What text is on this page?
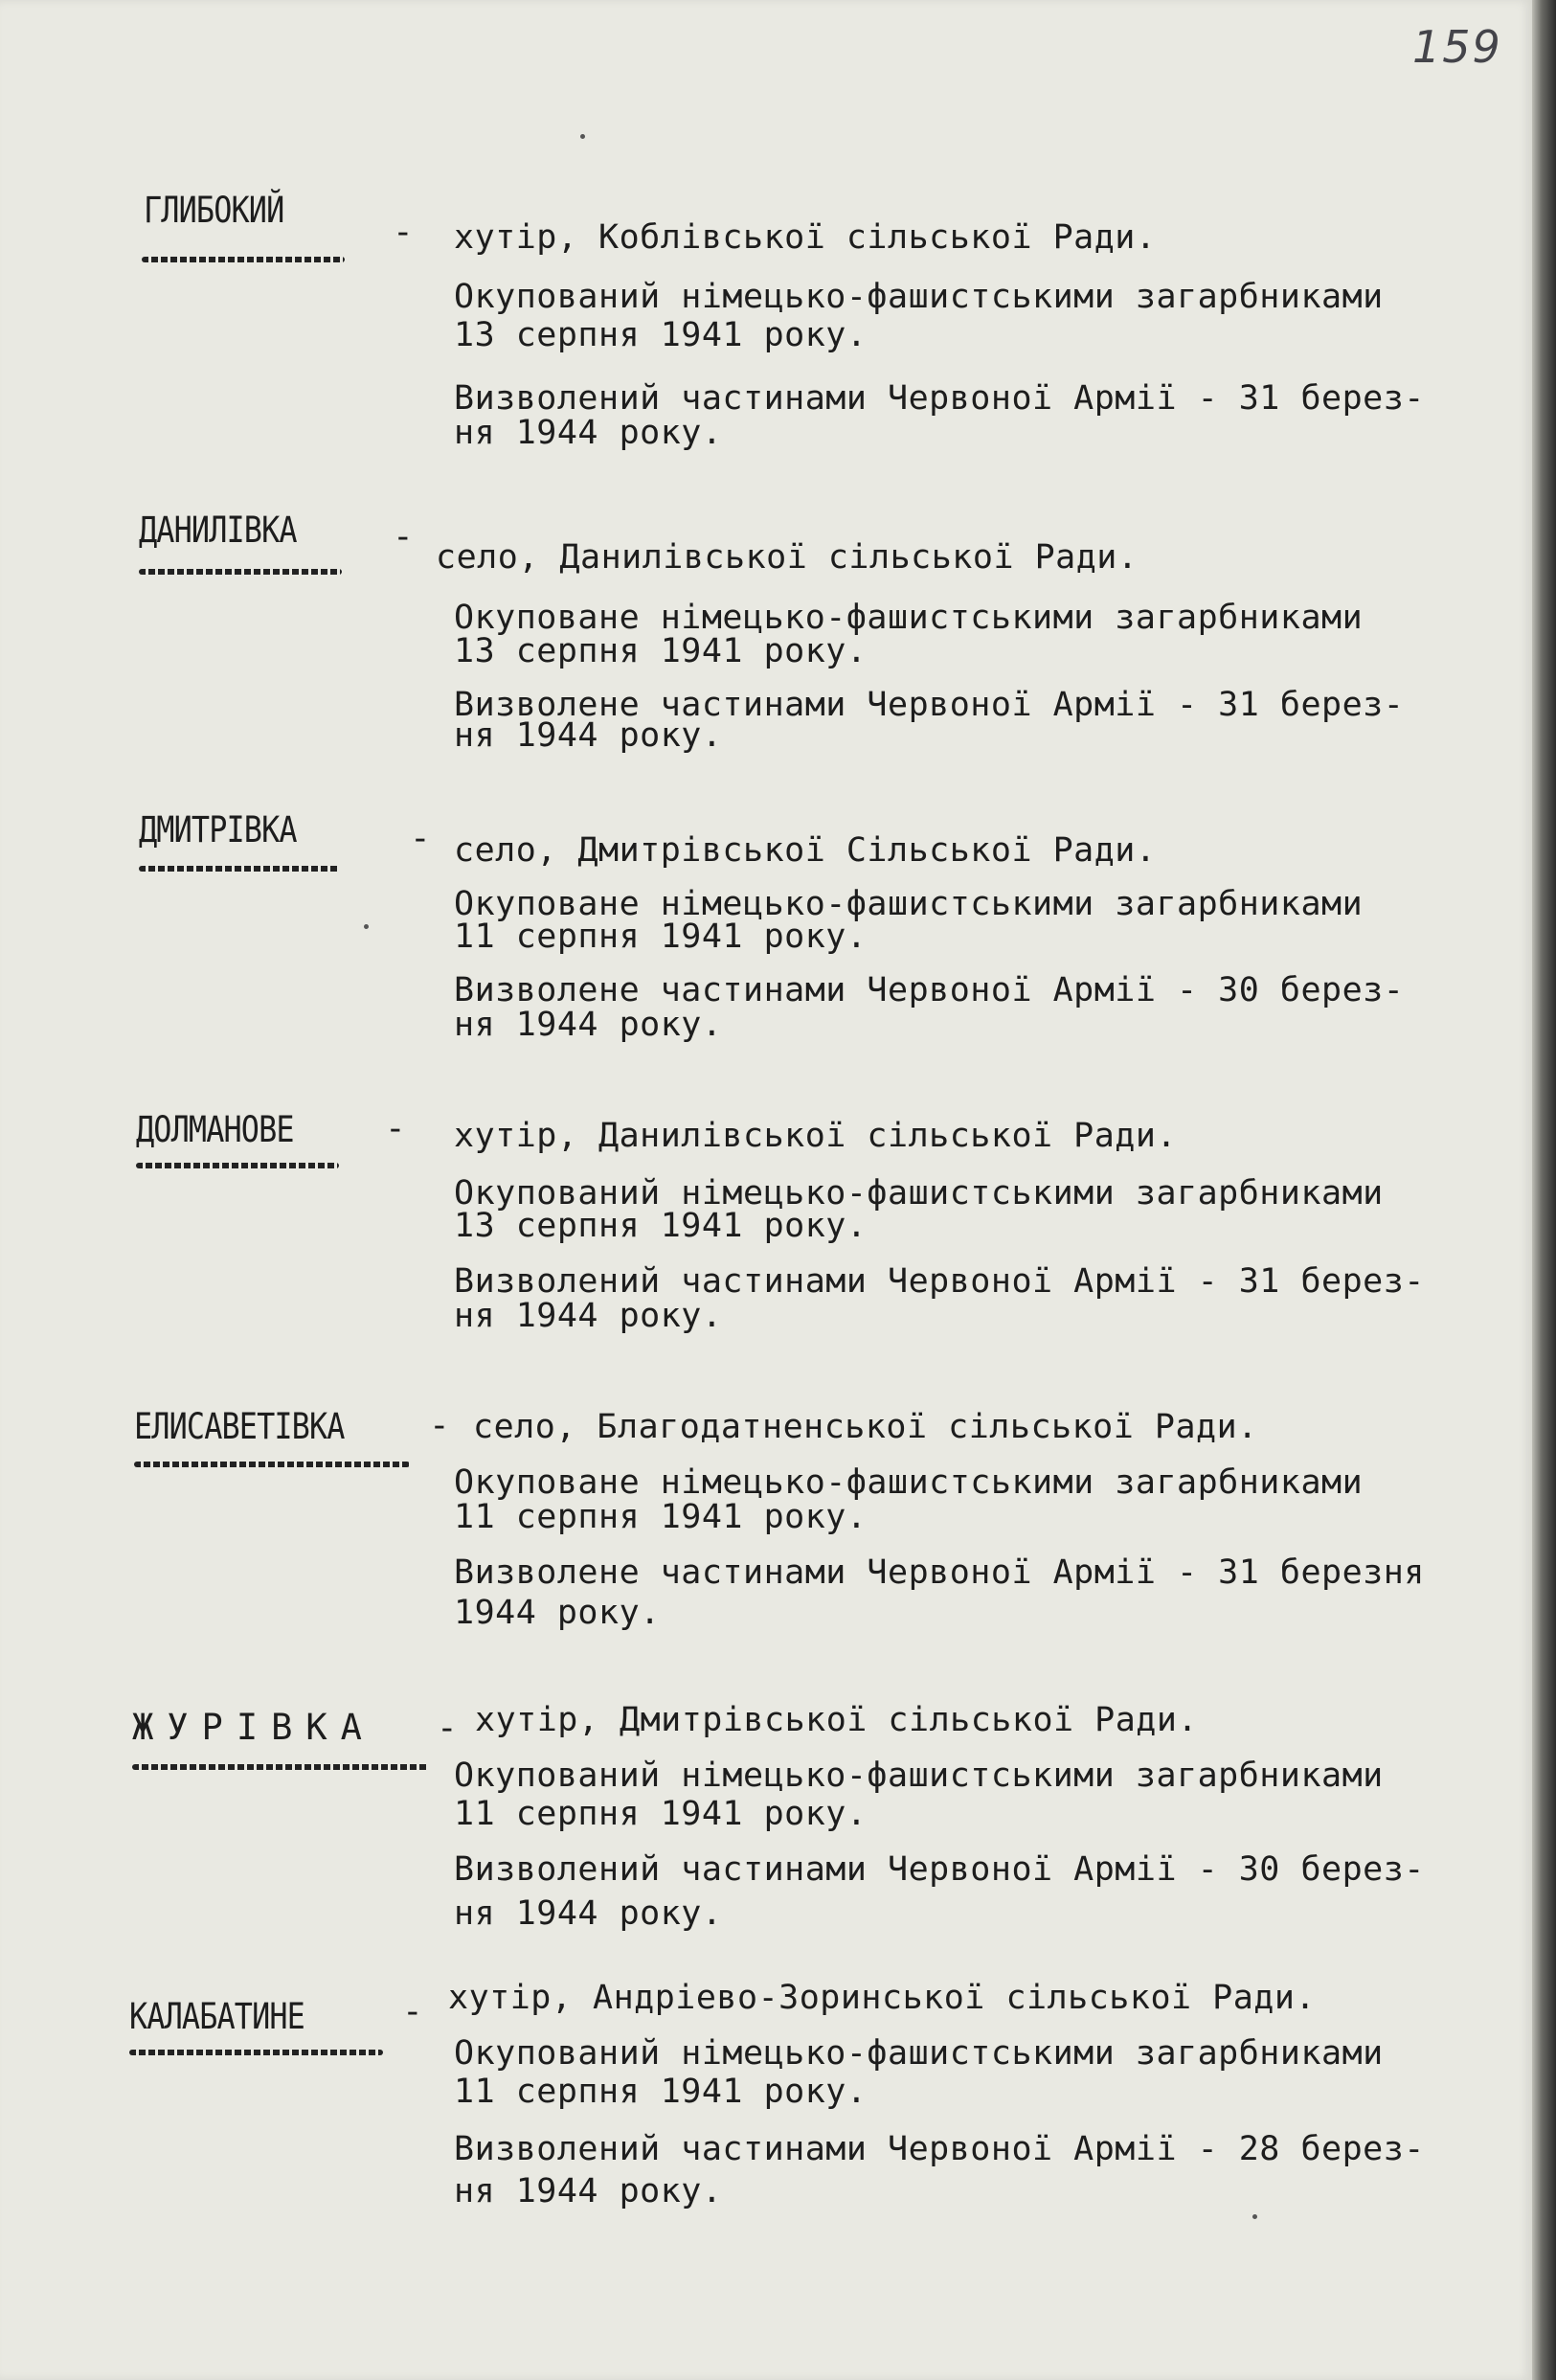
159
ГЛИБОКИЙ
- хутір, Коблівської сільської Ради.
Окупований німецько-фашистськими загарбниками
13 серпня 1941 року.
Визволений частинами Червоної Армії - 31 берез-
ня 1944 року.
ДАНИЛІВКА	-
село, Данилівської сільської Ради.
Окуповане німецько-фашистськими загарбниками
13 серпня 1941 року.
Визволене частинами Червоної Армії - 31 берез-
ня 1944 року.
ДМИТРІВКА	- село, Дмитрівської Сільської Ради.
Окуповане німецько-фашистськими загарбниками
11 серпня 1941 року.
Визволене частинами Червоної Армії - 30 берез-
ня 1944 року.
ДОЛМАНОВЕ	- хутір, Данилівської сільської Ради.
Окупований німецько-фашистськими загарбниками
13 серпня 1941 року.
Визволений частинами Червоної Армії - 31 берез-
ня 1944 року.
ЕЛИСАВЕТІВКА - село, Благодатненської сільської Ради.
Окуповане німецько-фашистськими загарбниками
11 серпня 1941 року.
Визволене частинами Червоної Армії - 31 березня
1944 року.
ЖУРІВКА - хутір, Дмитрівської сільської Ради.
Окупований німецько-фашистськими загарбниками
11 серпня 1941 року.
Визволений частинами Червоної Армії - 30 берез-
ня 1944 року.
КАЛАБАТИНЕ	- хутір, Андріево-Зоринської сільської Ради.
Окупований німецько-фашистськими загарбниками
11 серпня 1941 року.
Визволений частинами Червоної Армії - 28 берез-
ня 1944 року.
